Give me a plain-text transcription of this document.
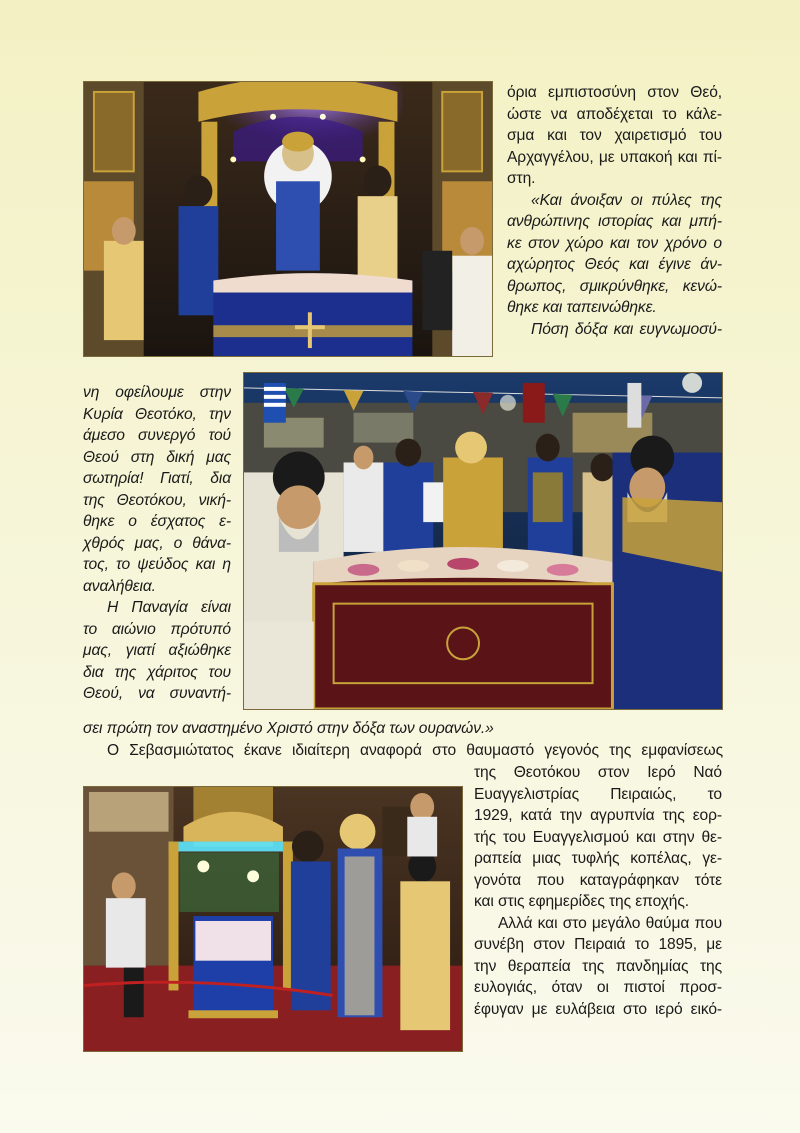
όρια εμπιστοσύνη στον Θεό,
ώστε να αποδέχεται το κάλε-
σμα και τον χαιρετισμό του
Αρχαγγέλου, με υπακοή και πί-
στη.
«Και άνοιξαν οι πύλες της
ανθρώπινης ιστορίας και μπή-
κε στον χώρο και τον χρόνο ο
αχώρητος Θεός και έγινε άν-
θρωπος, σμικρύνθηκε, κενώ-
θηκε και ταπεινώθηκε.
Πόση δόξα και ευγνωμοσύ-
νη οφείλουμε στην
Κυρία Θεοτόκο, την
άμεσο συνεργό τού
Θεού στη δική μας
σωτηρία! Γιατί, δια
της Θεοτόκου, νική-
θηκε ο έσχατος ε-
χθρός μας, ο θάνα-
τος, το ψεύδος και η
αναλήθεια.
Η Παναγία είναι
το αιώνιο πρότυπό
μας, γιατί αξιώθηκε
δια της χάριτος του
Θεού, να συναντή-
σει πρώτη τον αναστημένο Χριστό στην δόξα των ουρανών.»
Ο Σεβασμιώτατος έκανε ιδιαίτερη αναφορά στο θαυμαστό γεγονός της εμφανίσεως
της Θεοτόκου στον Ιερό Ναό
Ευαγγελιστρίας Πειραιώς, το
1929, κατά την αγρυπνία της εορ-
τής του Ευαγγελισμού και στην θε-
ραπεία μιας τυφλής κοπέλας, γε-
γονότα που καταγράφηκαν τότε
και στις εφημερίδες της εποχής.
Αλλά και στο μεγάλο θαύμα που
συνέβη στον Πειραιά το 1895, με
την θεραπεία της πανδημίας της
ευλογιάς, όταν οι πιστοί προσ-
έφυγαν με ευλάβεια στο ιερό εικό-
